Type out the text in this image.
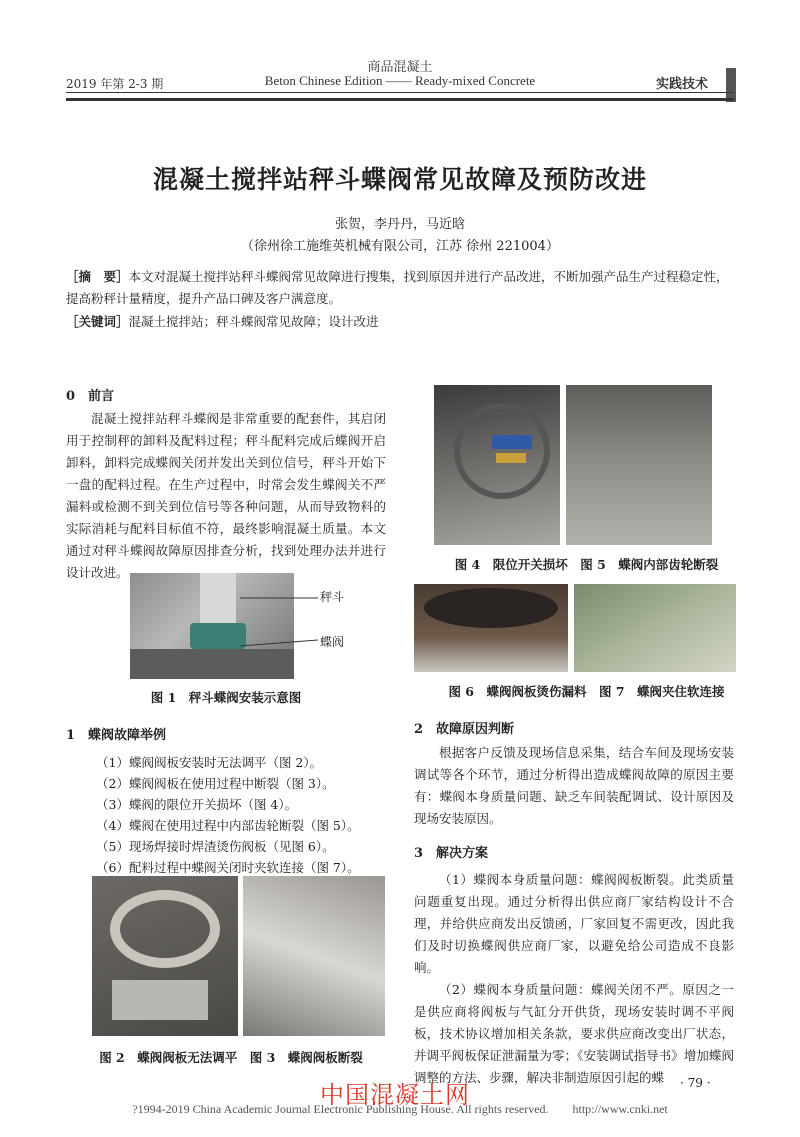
商品混凝土
2019 年第 2-3 期	Beton Chinese Edition —— Ready-mixed Concrete	实践技术
混凝土搅拌站秤斗蝶阀常见故障及预防改进
张贺，李丹丹，马近晗
（徐州徐工施维英机械有限公司，江苏 徐州 221004）
［摘　要］本文对混凝土搅拌站秤斗蝶阀常见故障进行搜集，找到原因并进行产品改进，不断加强产品生产过程稳定性，提高粉秤计量精度，提升产品口碑及客户满意度。
［关键词］混凝土搅拌站；秤斗蝶阀常见故障；设计改进
0　前言

混凝土搅拌站秤斗蝶阀是非常重要的配套件，其启闭用于控制秤的卸料及配料过程；秤斗配料完成后蝶阀开启卸料，卸料完成蝶阀关闭并发出关到位信号，秤斗开始下一盘的配料过程。在生产过程中，时常会发生蝶阀关不严漏料或检测不到关到位信号等各种问题，从而导致物料的实际消耗与配料目标值不符，最终影响混凝土质量。本文通过对秤斗蝶阀故障原因排查分析，找到处理办法并进行设计改进。

秤斗
蝶阀
图 1　秤斗蝶阀安装示意图
1　蝶阀故障举例
（1）蝶阀阀板安装时无法调平（图 2）。
（2）蝶阀阀板在使用过程中断裂（图 3）。
（3）蝶阀的限位开关损坏（图 4）。
（4）蝶阀在使用过程中内部齿轮断裂（图 5）。
（5）现场焊接时焊渣烫伤阀板（见图 6）。
（6）配料过程中蝶阀关闭时夹软连接（图 7）。
图 2　蝶阀阀板无法调平　图 3　蝶阀阀板断裂
图 4　限位开关损坏　图 5　蝶阀内部齿轮断裂
图 6　蝶阀阀板烫伤漏料　图 7　蝶阀夹住软连接
2　故障原因判断

根据客户反馈及现场信息采集，结合车间及现场安装调试等各个环节，通过分析得出造成蝶阀故障的原因主要有：蝶阀本身质量问题、缺乏车间装配调试、设计原因及现场安装原因。

3　解决方案

（1）蝶阀本身质量问题：蝶阀阀板断裂。此类质量问题重复出现。通过分析得出供应商厂家结构设计不合理，并给供应商发出反馈函，厂家回复不需更改，因此我们及时切换蝶阀供应商厂家，以避免给公司造成不良影响。

（2）蝶阀本身质量问题：蝶阀关闭不严。原因之一是供应商将阀板与气缸分开供货，现场安装时调不平阀板，技术协议增加相关条款，要求供应商改变出厂状态，并调平阀板保证泄漏量为零；《安装调试指导书》增加蝶阀调整的方法、步骤，解决非制造原因引起的蝶	· 79 ·
中国混凝土网
?1994-2019 China Academic Journal Electronic Publishing House. All rights reserved.　　http://www.cnki.net
